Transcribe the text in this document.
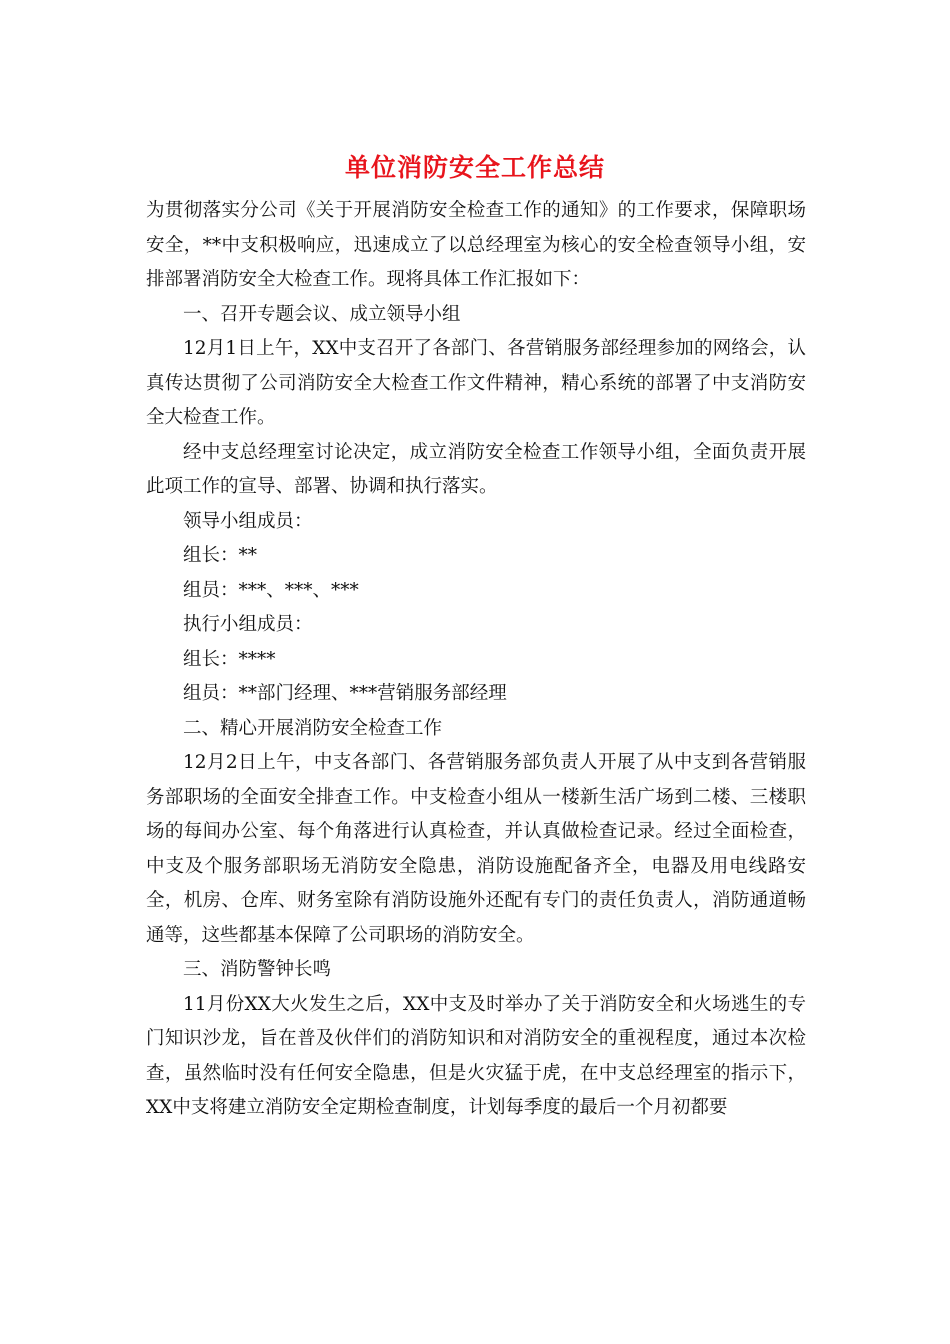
单位消防安全工作总结

为贯彻落实分公司《关于开展消防安全检查工作的通知》的工作要求，保障职场安全，**中支积极响应，迅速成立了以总经理室为核心的安全检查领导小组，安排部署消防安全大检查工作。现将具体工作汇报如下：

一、召开专题会议、成立领导小组

12月1日上午，XX中支召开了各部门、各营销服务部经理参加的网络会，认真传达贯彻了公司消防安全大检查工作文件精神，精心系统的部署了中支消防安全大检查工作。

经中支总经理室讨论决定，成立消防安全检查工作领导小组，全面负责开展此项工作的宣导、部署、协调和执行落实。

领导小组成员：

组长：**

组员：***、***、***

执行小组成员：

组长：****

组员：**部门经理、***营销服务部经理

二、精心开展消防安全检查工作

12月2日上午，中支各部门、各营销服务部负责人开展了从中支到各营销服务部职场的全面安全排查工作。中支检查小组从一楼新生活广场到二楼、三楼职场的每间办公室、每个角落进行认真检查，并认真做检查记录。经过全面检查，中支及个服务部职场无消防安全隐患，消防设施配备齐全，电器及用电线路安全，机房、仓库、财务室除有消防设施外还配有专门的责任负责人，消防通道畅通等，这些都基本保障了公司职场的消防安全。

三、消防警钟长鸣

11月份XX大火发生之后，XX中支及时举办了关于消防安全和火场逃生的专门知识沙龙，旨在普及伙伴们的消防知识和对消防安全的重视程度，通过本次检查，虽然临时没有任何安全隐患，但是火灾猛于虎，在中支总经理室的指示下，XX中支将建立消防安全定期检查制度，计划每季度的最后一个月初都要
